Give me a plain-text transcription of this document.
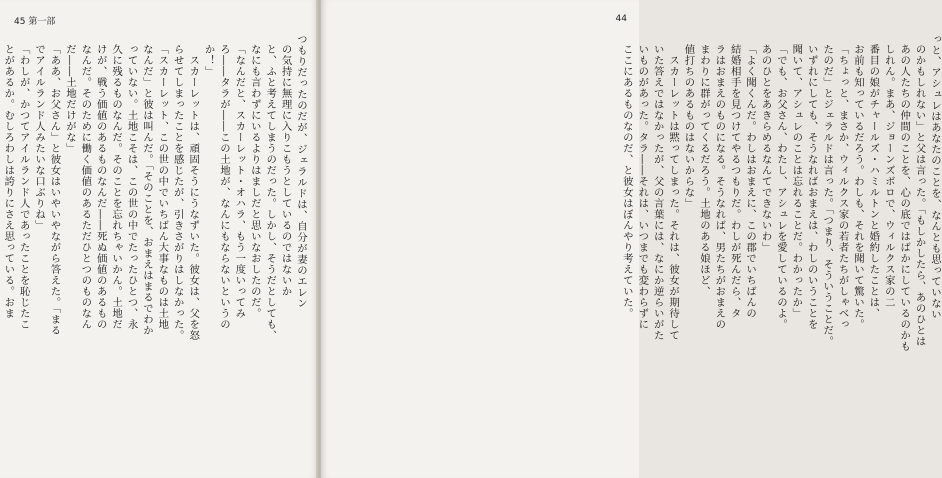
45 第一部

つもりだったのだが、ジェラルドは、自分が妻のエレン

の気持に無理に入りこもうとしているのではないか

と、ふと考えてしまうのだった。しかし、そうだとしても、

なにも言わずにいるよりはましだと思いなおしたのだ。

「なんだと、スカーレット・オハラ、もう一度いってみ

ろ――タラが――この土地が、なんにもならないというの

か！」

　スカーレットは、頑固そうにうなずいた。彼女は、父を怒

らせてしまったことを感じたが、引きさがりはしなかった。

「スカーレット、この世の中でいちばん大事なものは土地

なんだ」と彼は叫んだ。「そのことを、おまえはまるでわか

っていない。土地こそは、この世の中でたったひとつ、永

久に残るものなんだ。そのことを忘れちゃいかん。土地だ

けが、戦う価値のあるものなんだ――死ぬ価値のあるもの

なんだ。そのために働く価値のあるただひとつのものなん

だ――土地だけがな」

「ああ、お父さん」と彼女はいやいやながら答えた。「まる

でアイルランド人みたいな口ぶりね」

「わしが、かつてアイルランド人であったことを恥じたこ

とがあるか。むしろわしは誇りにさえ思っている。おま

44

っと、アシュレはあなたのことを、なんとも思っていない

のかもしれない」と父は言った。「もしかしたら、あのひとは

あの人たちの仲間のことを、心の底ではばかにしているのかも

しれん。まあ、ジョーンズボロで、ウィルクス家の二

番目の娘がチャールズ・ハミルトンと婚約したことは、

お前も知っているだろう。わしも、それを聞いて驚いた。

「ちょっと、まさか、ウィルクス家の若者たちがしゃべっ

たのだ」とジェラルドは言った。「つまり、そういうことだ。

いずれにしても、そうなればおまえは、わしのいうことを

聞いて、アシュレのことは忘れることだ。わかったか」

「でも、お父さん、わたし、アシュレを愛しているのよ。

あのひとをあきらめるなんてできないわ」

「よく聞くんだ。わしはおまえに、この郡でいちばんの

結婚相手を見つけてやるつもりだ。わしが死んだら、タ

ラはおまえのものになる。そうなれば、男たちがおまえの

まわりに群がってくるだろう。土地のある娘ほど、

値打ちのあるものはないからな」

　スカーレットは黙ってしまった。それは、彼女が期待して

いた答えではなかったが、父の言葉には、なにか逆らいがた

いものがあった。タラ――それは、いつまでも変わらずに

ここにあるものなのだ、と彼女はぼんやり考えていた。
